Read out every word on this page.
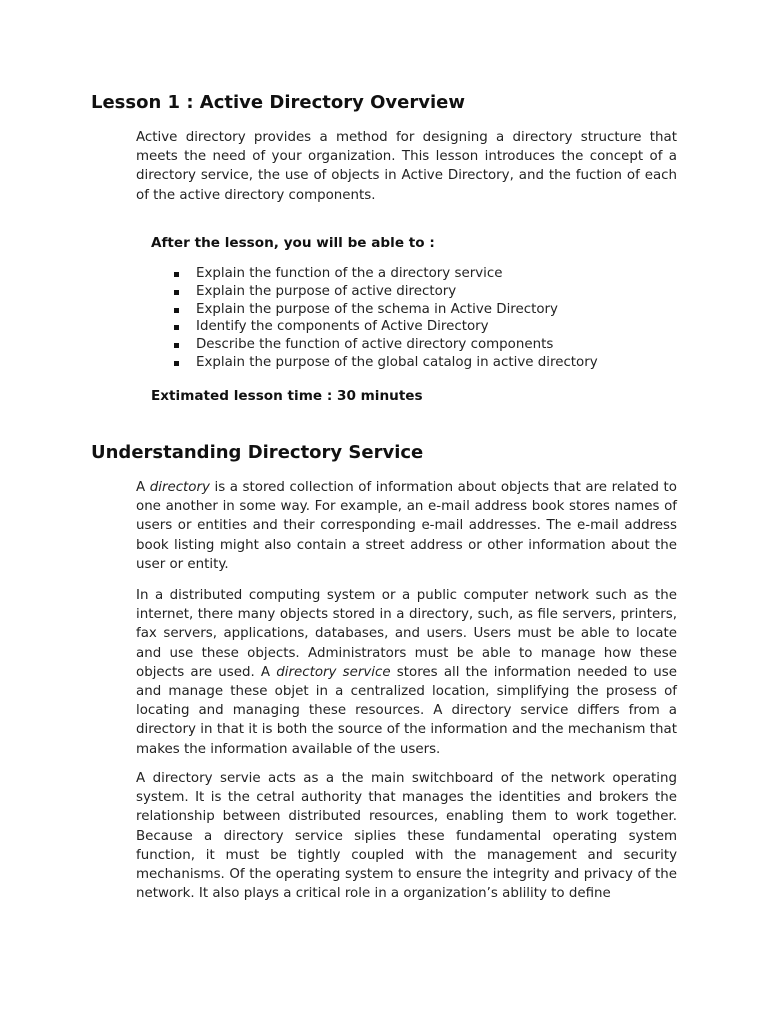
Lesson 1 : Active Directory Overview

Active directory provides a method for designing a directory structure that meets the need of your organization. This lesson introduces the concept of a directory service, the use of objects in Active Directory, and the fuction of each of the active directory components.

After the lesson, you will be able to :

Explain the function of the a directory service
Explain the purpose of active directory
Explain the purpose of the schema in Active Directory
Identify the components of Active Directory
Describe the function of active directory components
Explain the purpose of the global catalog in active directory

Extimated lesson time : 30 minutes

Understanding Directory Service

A directory is a stored collection of information about objects that are related to one another in some way. For example, an e-mail address book stores names of users or entities and their corresponding e-mail addresses. The e-mail address book listing might also contain a street address or other information about the user or entity.

In a distributed computing system or a public computer network such as the internet, there many objects stored in a directory, such, as file servers, printers, fax servers, applications, databases, and users. Users must be able to locate and use these objects. Administrators must be able to manage how these objects are used. A directory service stores all the information needed to use and manage these objet in a centralized location, simplifying the prosess of locating and managing these resources. A directory service differs from a directory in that it is both the source of the information and the mechanism that makes the information available of the users.

A directory servie acts as a the main switchboard of the network operating system. It is the cetral authority that manages the identities and brokers the relationship between distributed resources, enabling them to work together. Because a directory service siplies these fundamental operating system function, it must be tightly coupled with the management and security mechanisms. Of the operating system to ensure the integrity and privacy of the network. It also plays a critical role in a organization’s ablility to define
